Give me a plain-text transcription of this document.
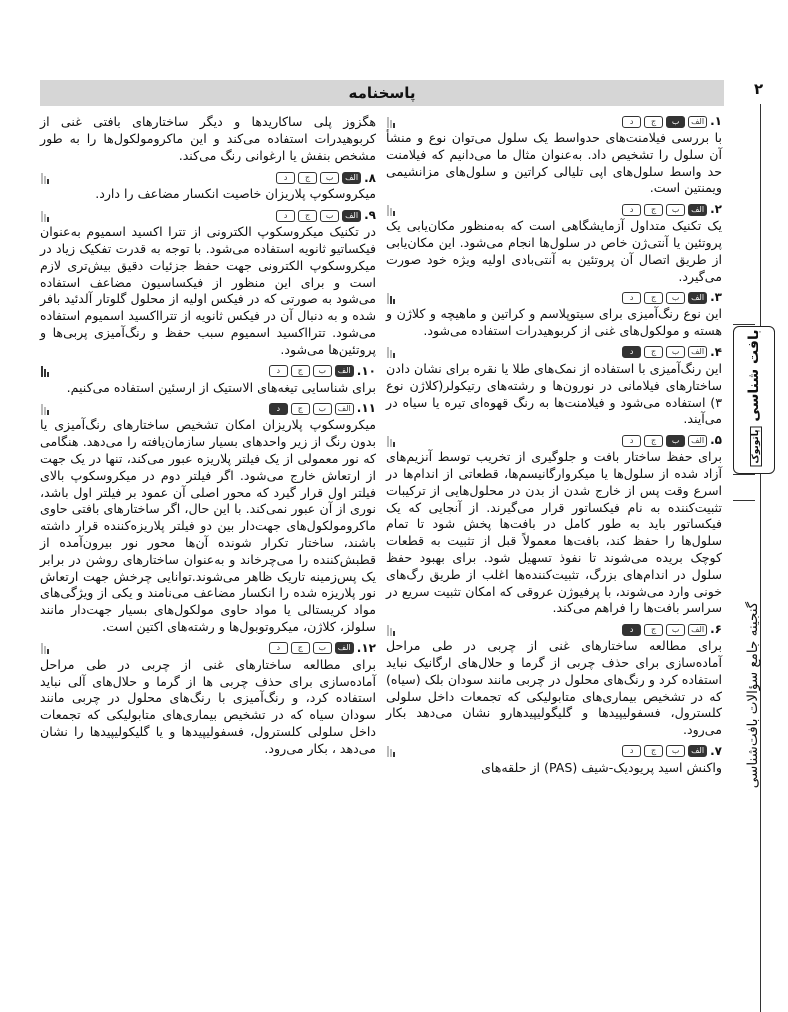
۲
بافت شناسی پاتوبوک
گنجینه جامع سؤالات بافت‌شناسی
پاسخنامه
۱.
الف
ب
ج
د

با بررسی فیلامنت‌های حدواسط یک سلول می‌توان نوع و منشأ آن سلول را تشخیص داد. به‌عنوان مثال ما می‌دانیم که فیلامنت حد واسط سلول‌های اپی تلیالی کراتین و سلول‌های مزانشیمی ویمنتین است.

۲.
الف
ب
ج
د

یک تکنیک متداول آزمایشگاهی است که به‌منظور مکان‌یابی یک پروتئین یا آنتی‌ژن خاص در سلول‌ها انجام می‌شود. این مکان‌یابی از طریق اتصال آن پروتئین به آنتی‌بادی اولیه ویژه خود صورت می‌گیرد.

۳.
الف
ب
ج
د

این نوع رنگ‌آمیزی برای سیتوپلاسم و کراتین و ماهیچه و کلاژن و هسته و مولکول‌های غنی از کربوهیدرات استفاده می‌شود.

۴.
الف
ب
ج
د

این رنگ‌آمیزی با استفاده از نمک‌های طلا یا نقره برای نشان دادن ساختارهای فیلامانی در نورون‌ها و رشته‌های رتیکولر(کلاژن نوع ۳) استفاده می‌شود و فیلامنت‌ها به رنگ قهوه‌ای تیره یا سیاه در می‌آیند.

۵.
الف
ب
ج
د

برای حفظ ساختار بافت و جلوگیری از تخریب توسط آنزیم‌های آزاد شده از سلول‌ها یا میکروارگانیسم‌ها، قطعاتی از اندام‌ها در اسرع وقت پس از خارج شدن از بدن در محلول‌هایی از ترکیبات تثبیت‌کننده به نام فیکساتور قرار می‌گیرند. از آنجایی که یک فیکساتور باید به طور کامل در بافت‌ها پخش شود تا تمام سلول‌ها را حفظ کند، بافت‌ها معمولاً قبل از تثبیت به قطعات کوچک بریده می‌شوند تا نفوذ تسهیل شود. برای بهبود حفظ سلول در اندام‌های بزرگ، تثبیت‌کننده‌ها اغلب از طریق رگ‌های خونی وارد می‌شوند، با پرفیوژن عروقی که امکان تثبیت سریع در سراسر بافت‌ها را فراهم می‌کند.

۶.
الف
ب
ج
د

برای مطالعه ساختارهای غنی از چربی در طی مراحل آماده‌سازی برای حذف چربی از گرما و حلال‌های ارگانیک نباید استفاده کرد و رنگ‌های محلول در چربی مانند سودان بلک (سیاه) که در تشخیص بیماری‌های متابولیکی که تجمعات داخل سلولی کلسترول، فسفولیپیدها و گلیگولیپیدهارو نشان می‌دهد بکار می‌رود.

۷.
الف
ب
ج
د

واکنش اسید پریودیک-شیف (PAS) از حلقه‌های

هگزوز پلی ساکاریدها و دیگر ساختارهای بافتی غنی از کربوهیدرات استفاده می‌کند و این ماکرومولکول‌ها را به طور مشخص بنفش یا ارغوانی رنگ می‌کند.

۸.
الف
ب
ج
د

میکروسکوپ پلاریزان خاصیت انکسار مضاعف را دارد.

۹.
الف
ب
ج
د

در تکنیک میکروسکوپ الکترونی از تترا اکسید اسمیوم به‌عنوان فیکساتیو ثانویه استفاده می‌شود. با توجه به قدرت تفکیک زیاد در میکروسکوپ الکترونی جهت حفظ جزئیات دقیق بیش‌تری لازم است و برای این منظور از فیکساسیون مضاعف استفاده می‌شود به صورتی که در فیکس اولیه از محلول گلوتار آلدئید بافر شده و به دنبال آن در فیکس ثانویه از تترااکسید اسمیوم استفاده می‌شود. تترااکسید اسمیوم سبب حفظ و رنگ‌آمیزی پربی‌ها و پروتئین‌ها می‌شود.

۱۰.
الف
ب
ج
د

برای شناسایی تیغه‌های الاستیک از ارسئین استفاده می‌کنیم.

۱۱.
الف
ب
ج
د

میکروسکوپ پلاریزان امکان تشخیص ساختارهای رنگ‌آمیزی یا بدون رنگ از زیر واحدهای بسیار سازمان‌یافته را می‌دهد. هنگامی که نور معمولی از یک فیلتر پلاریزه عبور می‌کند، تنها در یک جهت از ارتعاش خارج می‌شود. اگر فیلتر دوم در میکروسکوپ بالای فیلتر اول قرار گیرد که محور اصلی آن عمود بر فیلتر اول باشد، نوری از آن عبور نمی‌کند. با این حال، اگر ساختارهای بافتی حاوی ماکرومولکول‌های جهت‌دار بین دو فیلتر پلاریزه‌کننده قرار داشته باشند، ساختار تکرار شونده آن‌ها محور نور بیرون‌آمده از قطبش‌کننده را می‌چرخاند و به‌عنوان ساختارهای روشن در برابر یک پس‌زمینه تاریک ظاهر می‌شوند.توانایی چرخش جهت ارتعاش نور پلاریزه شده را انکسار مضاعف می‌نامند و یکی از ویژگی‌های مواد کریستالی یا مواد حاوی مولکول‌های بسیار جهت‌دار مانند سلولز، کلاژن، میکروتوبول‌ها و رشته‌های اکتین است.

۱۲.
الف
ب
ج
د

برای مطالعه ساختارهای غنی از چربی در طی مراحل آماده‌سازی برای حذف چربی ها از گرما و حلال‌های آلی نباید استفاده کرد، و رنگ‌آمیزی با رنگ‌های محلول در چربی مانند سودان سیاه که در تشخیص بیماری‌های متابولیکی که تجمعات داخل سلولی کلسترول، فسفولیپیدها و یا گلیکولیپیدها را نشان می‌دهد ، بکار می‌رود.
